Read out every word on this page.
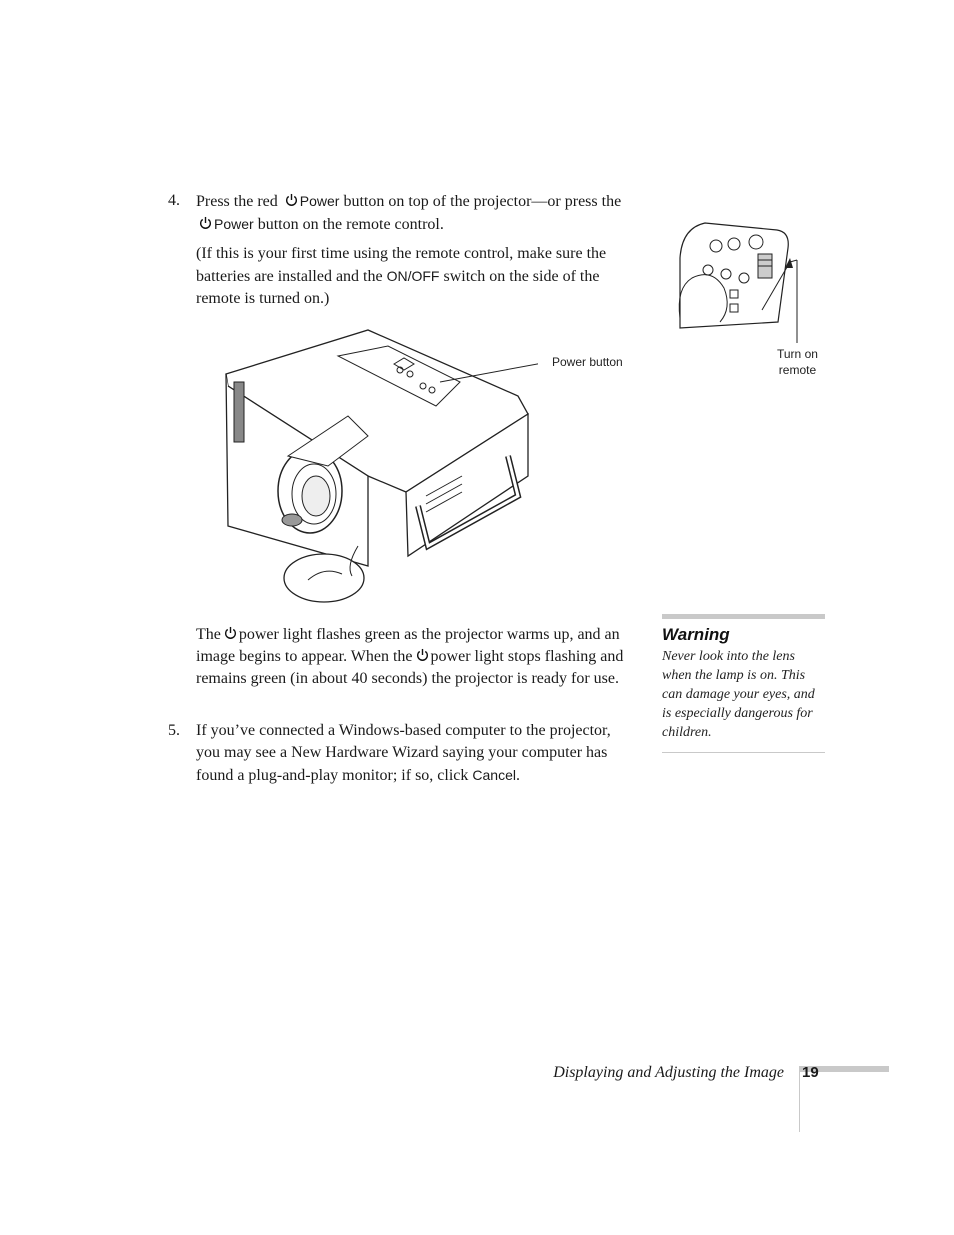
4. Press the red Power button on top of the projector—or press the Power button on the remote control.
(If this is your first time using the remote control, make sure the batteries are installed and the ON/OFF switch on the side of the remote is turned on.)
Turn on
remote
Power button
The power light flashes green as the projector warms up, and an image begins to appear. When the power light stops flashing and remains green (in about 40 seconds) the projector is ready for use.
5. If you’ve connected a Windows-based computer to the projector, you may see a New Hardware Wizard saying your computer has found a plug-and-play monitor; if so, click Cancel.
Warning
Never look into the lens when the lamp is on. This can damage your eyes, and is especially dangerous for children.
Displaying and Adjusting the Image 19
